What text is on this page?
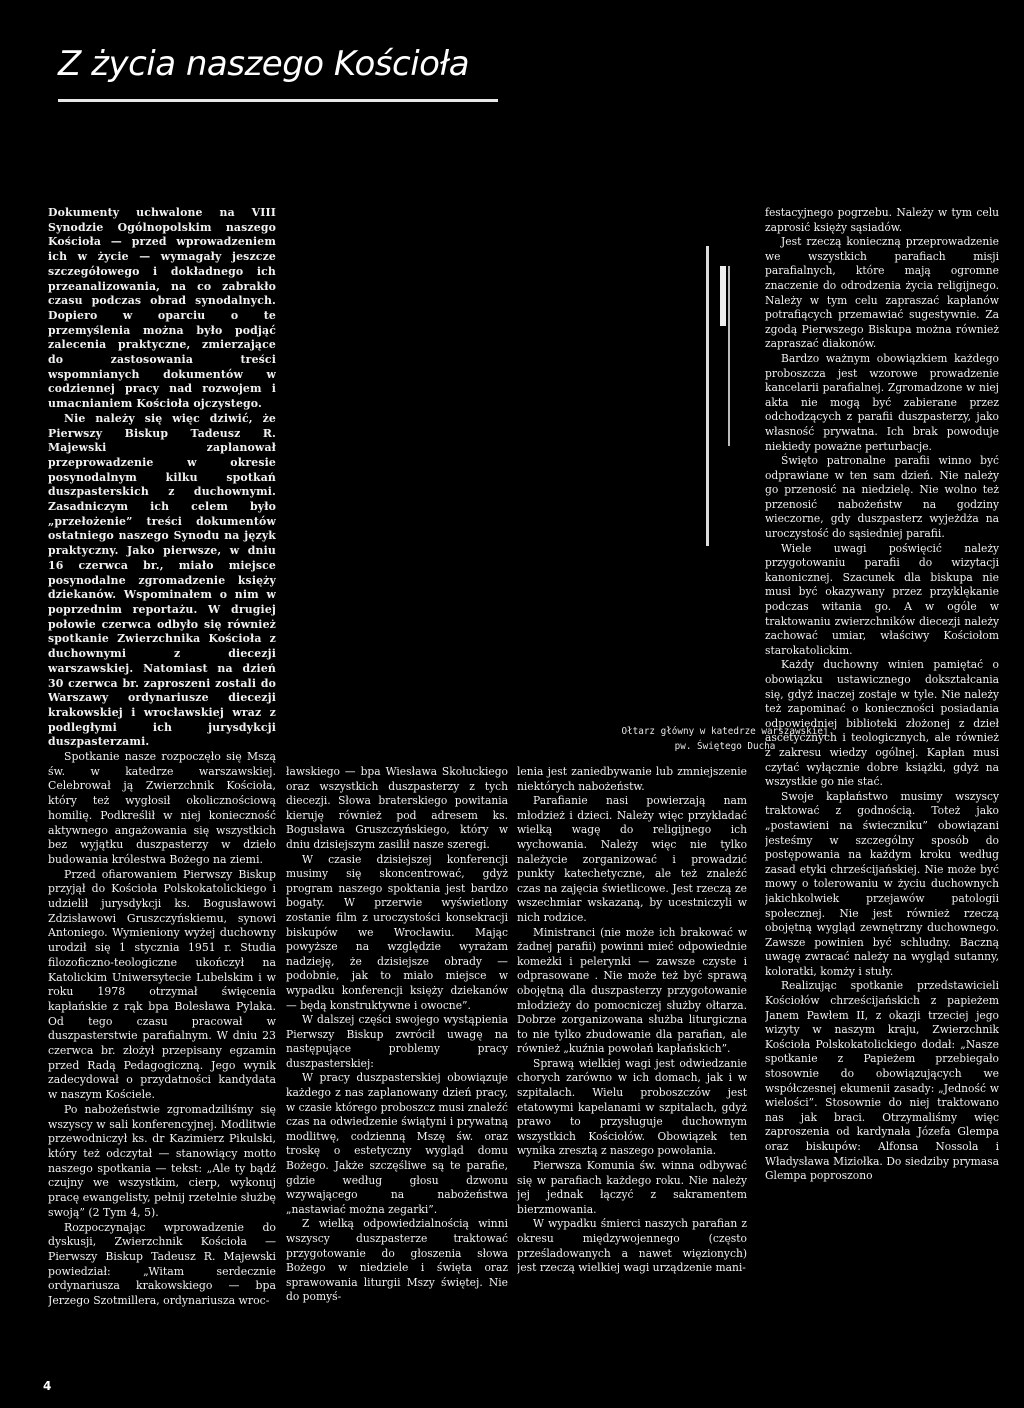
Z życia naszego Kościoła

Dokumenty uchwalone na VIII Synodzie Ogólnopolskim naszego Kościoła — przed wprowadzeniem ich w życie — wymagały jeszcze szczegółowego i dokładnego ich przeanalizowania, na co zabrakło czasu podczas obrad synodalnych. Dopiero w oparciu o te przemyślenia można było podjąć zalecenia praktyczne, zmierzające do zastosowania treści wspomnianych dokumentów w codziennej pracy nad rozwojem i umacnianiem Kościoła ojczystego.

Nie należy się więc dziwić, że Pierwszy Biskup Tadeusz R. Majewski zaplanował przeprowadzenie w okresie posynodalnym kilku spotkań duszpasterskich z duchownymi. Zasadniczym ich celem było „przełożenie” treści dokumentów ostatniego naszego Synodu na język praktyczny. Jako pierwsze, w dniu 16 czerwca br., miało miejsce posynodalne zgromadzenie księży dziekanów. Wspominałem o nim w poprzednim reportażu. W drugiej połowie czerwca odbyło się również spotkanie Zwierzchnika Kościoła z duchownymi z diecezji warszawskiej. Natomiast na dzień 30 czerwca br. zaproszeni zostali do Warszawy ordynariusze diecezji krakowskiej i wrocławskiej wraz z podległymi ich jurysdykcji duszpasterzami.

Spotkanie nasze rozpoczęło się Mszą św. w katedrze warszawskiej. Celebrował ją Zwierzchnik Kościoła, który też wygłosił okolicznościową homilię. Podkreślił w niej konieczność aktywnego angażowania się wszystkich bez wyjątku duszpasterzy w dzieło budowania królestwa Bożego na ziemi.

Przed ofiarowaniem Pierwszy Biskup przyjął do Kościoła Polskokatolickiego i udzielił jurysdykcji ks. Bogusławowi Zdzisławowi Gruszczyńskiemu, synowi Antoniego. Wymieniony wyżej duchowny urodził się 1 stycznia 1951 r. Studia filozoficzno-teologiczne ukończył na Katolickim Uniwersytecie Lubelskim i w roku 1978 otrzymał święcenia kapłańskie z rąk bpa Bolesława Pylaka. Od tego czasu pracował w duszpasterstwie parafialnym. W dniu 23 czerwca br. złożył przepisany egzamin przed Radą Pedagogiczną. Jego wynik zadecydował o przydatności kandydata w naszym Kościele.

Po nabożeństwie zgromadziliśmy się wszyscy w sali konferencyjnej. Modlitwie przewodniczył ks. dr Kazimierz Pikulski, który też odczytał — stanowiący motto naszego spotkania — tekst: „Ale ty bądź czujny we wszystkim, cierp, wykonuj pracę ewangelisty, pełnij rzetelnie służbę swoją” (2 Tym 4, 5).

Rozpoczynając wprowadzenie do dyskusji, Zwierzchnik Kościoła — Pierwszy Biskup Tadeusz R. Majewski powiedział: „Witam serdecznie ordynariusza krakowskiego — bpa Jerzego Szotmillera, ordynariusza wroc-

Ołtarz główny w katedrze warszawskiej
pw. Świętego Ducha

ławskiego — bpa Wiesława Skołuckiego oraz wszystkich duszpasterzy z tych diecezji. Słowa braterskiego powitania kieruję również pod adresem ks. Bogusława Gruszczyńskiego, który w dniu dzisiejszym zasilił nasze szeregi.

W czasie dzisiejszej konferencji musimy się skoncentrować, gdyż program naszego spoktania jest bardzo bogaty. W przerwie wyświetlony zostanie film z uroczystości konsekracji biskupów we Wrocławiu. Mając powyższe na względzie wyrażam nadzieję, że dzisiejsze obrady — podobnie, jak to miało miejsce w wypadku konferencji księży dziekanów — będą konstruktywne i owocne”.

W dalszej części swojego wystąpienia Pierwszy Biskup zwrócił uwagę na następujące problemy pracy duszpasterskiej:

W pracy duszpasterskiej obowiązuje każdego z nas zaplanowany dzień pracy, w czasie którego proboszcz musi znaleźć czas na odwiedzenie świątyni i prywatną modlitwę, codzienną Mszę św. oraz troskę o estetyczny wygląd domu Bożego. Jakże szczęśliwe są te parafie, gdzie według głosu dzwonu wzywającego na nabożeństwa „nastawiać można zegarki”.

Z wielką odpowiedzialnością winni wszyscy duszpasterze traktować przygotowanie do głoszenia słowa Bożego w niedziele i święta oraz sprawowania liturgii Mszy świętej. Nie do pomyś-

lenia jest zaniedbywanie lub zmniejszenie niektórych nabożeństw.

Parafianie nasi powierzają nam młodzież i dzieci. Należy więc przykładać wielką wagę do religijnego ich wychowania. Należy więc nie tylko należycie zorganizować i prowadzić punkty katechetyczne, ale też znaleźć czas na zajęcia świetlicowe. Jest rzeczą ze wszechmiar wskazaną, by ucestniczyli w nich rodzice.

Ministranci (nie może ich brakować w żadnej parafii) powinni mieć odpowiednie komeżki i pelerynki — zawsze czyste i odprasowane . Nie może też być sprawą obojętną dla duszpasterzy przygotowanie młodzieży do pomocniczej służby ołtarza. Dobrze zorganizowana służba liturgiczna to nie tylko zbudowanie dla parafian, ale również „kuźnia powołań kapłańskich”.

Sprawą wielkiej wagi jest odwiedzanie chorych zarówno w ich domach, jak i w szpitalach. Wielu proboszczów jest etatowymi kapelanami w szpitalach, gdyż prawo to przysługuje duchownym wszystkich Kościołów. Obowiązek ten wynika zresztą z naszego powołania.

Pierwsza Komunia św. winna odbywać się w parafiach każdego roku. Nie należy jej jednak łączyć z sakramentem bierzmowania.

W wypadku śmierci naszych parafian z okresu międzywojennego (często prześladowanych a nawet więzionych) jest rzeczą wielkiej wagi urządzenie mani-

festacyjnego pogrzebu. Należy w tym celu zaprosić księży sąsiadów.

Jest rzeczą konieczną przeprowadzenie we wszystkich parafiach misji parafialnych, które mają ogromne znaczenie do odrodzenia życia religijnego. Należy w tym celu zapraszać kapłanów potrafiących przemawiać sugestywnie. Za zgodą Pierwszego Biskupa można również zapraszać diakonów.

Bardzo ważnym obowiązkiem każdego proboszcza jest wzorowe prowadzenie kancelarii parafialnej. Zgromadzone w niej akta nie mogą być zabierane przez odchodzących z parafii duszpasterzy, jako własność prywatna. Ich brak powoduje niekiedy poważne perturbacje.

Święto patronalne parafii winno być odprawiane w ten sam dzień. Nie należy go przenosić na niedzielę. Nie wolno też przenosić nabożeństw na godziny wieczorne, gdy duszpasterz wyjeżdża na uroczystość do sąsiedniej parafii.

Wiele uwagi poświęcić należy przygotowaniu parafii do wizytacji kanonicznej. Szacunek dla biskupa nie musi być okazywany przez przyklękanie podczas witania go. A w ogóle w traktowaniu zwierzchników diecezji należy zachować umiar, właściwy Kościołom starokatolickim.

Każdy duchowny winien pamiętać o obowiązku ustawicznego dokształcania się, gdyż inaczej zostaje w tyle. Nie należy też zapominać o konieczności posiadania odpowiedniej biblioteki złożonej z dzieł ascetycznych i teologicznych, ale również z zakresu wiedzy ogólnej. Kapłan musi czytać wyłącznie dobre książki, gdyż na wszystkie go nie stać.

Swoje kapłaństwo musimy wszyscy traktować z godnością. Toteż jako „postawieni na świeczniku” obowiązani jesteśmy w szczególny sposób do postępowania na każdym kroku według zasad etyki chrześcijańskiej. Nie może być mowy o tolerowaniu w życiu duchownych jakichkolwiek przejawów patologii społecznej. Nie jest również rzeczą obojętną wygląd zewnętrzny duchownego. Zawsze powinien być schludny. Baczną uwagę zwracać należy na wygląd sutanny, koloratki, komży i stuły.

Realizując spotkanie przedstawicieli Kościołów chrześcijańskich z papieżem Janem Pawłem II, z okazji trzeciej jego wizyty w naszym kraju, Zwierzchnik Kościoła Polskokatolickiego dodał: „Nasze spotkanie z Papieżem przebiegało stosownie do obowiązujących we współczesnej ekumenii zasady: „Jedność w wielości”. Stosownie do niej traktowano nas jak braci. Otrzymaliśmy więc zaproszenia od kardynała Józefa Glempa oraz biskupów: Alfonsa Nossola i Władysława Miziołka. Do siedziby prymasa Glempa poproszono

4
